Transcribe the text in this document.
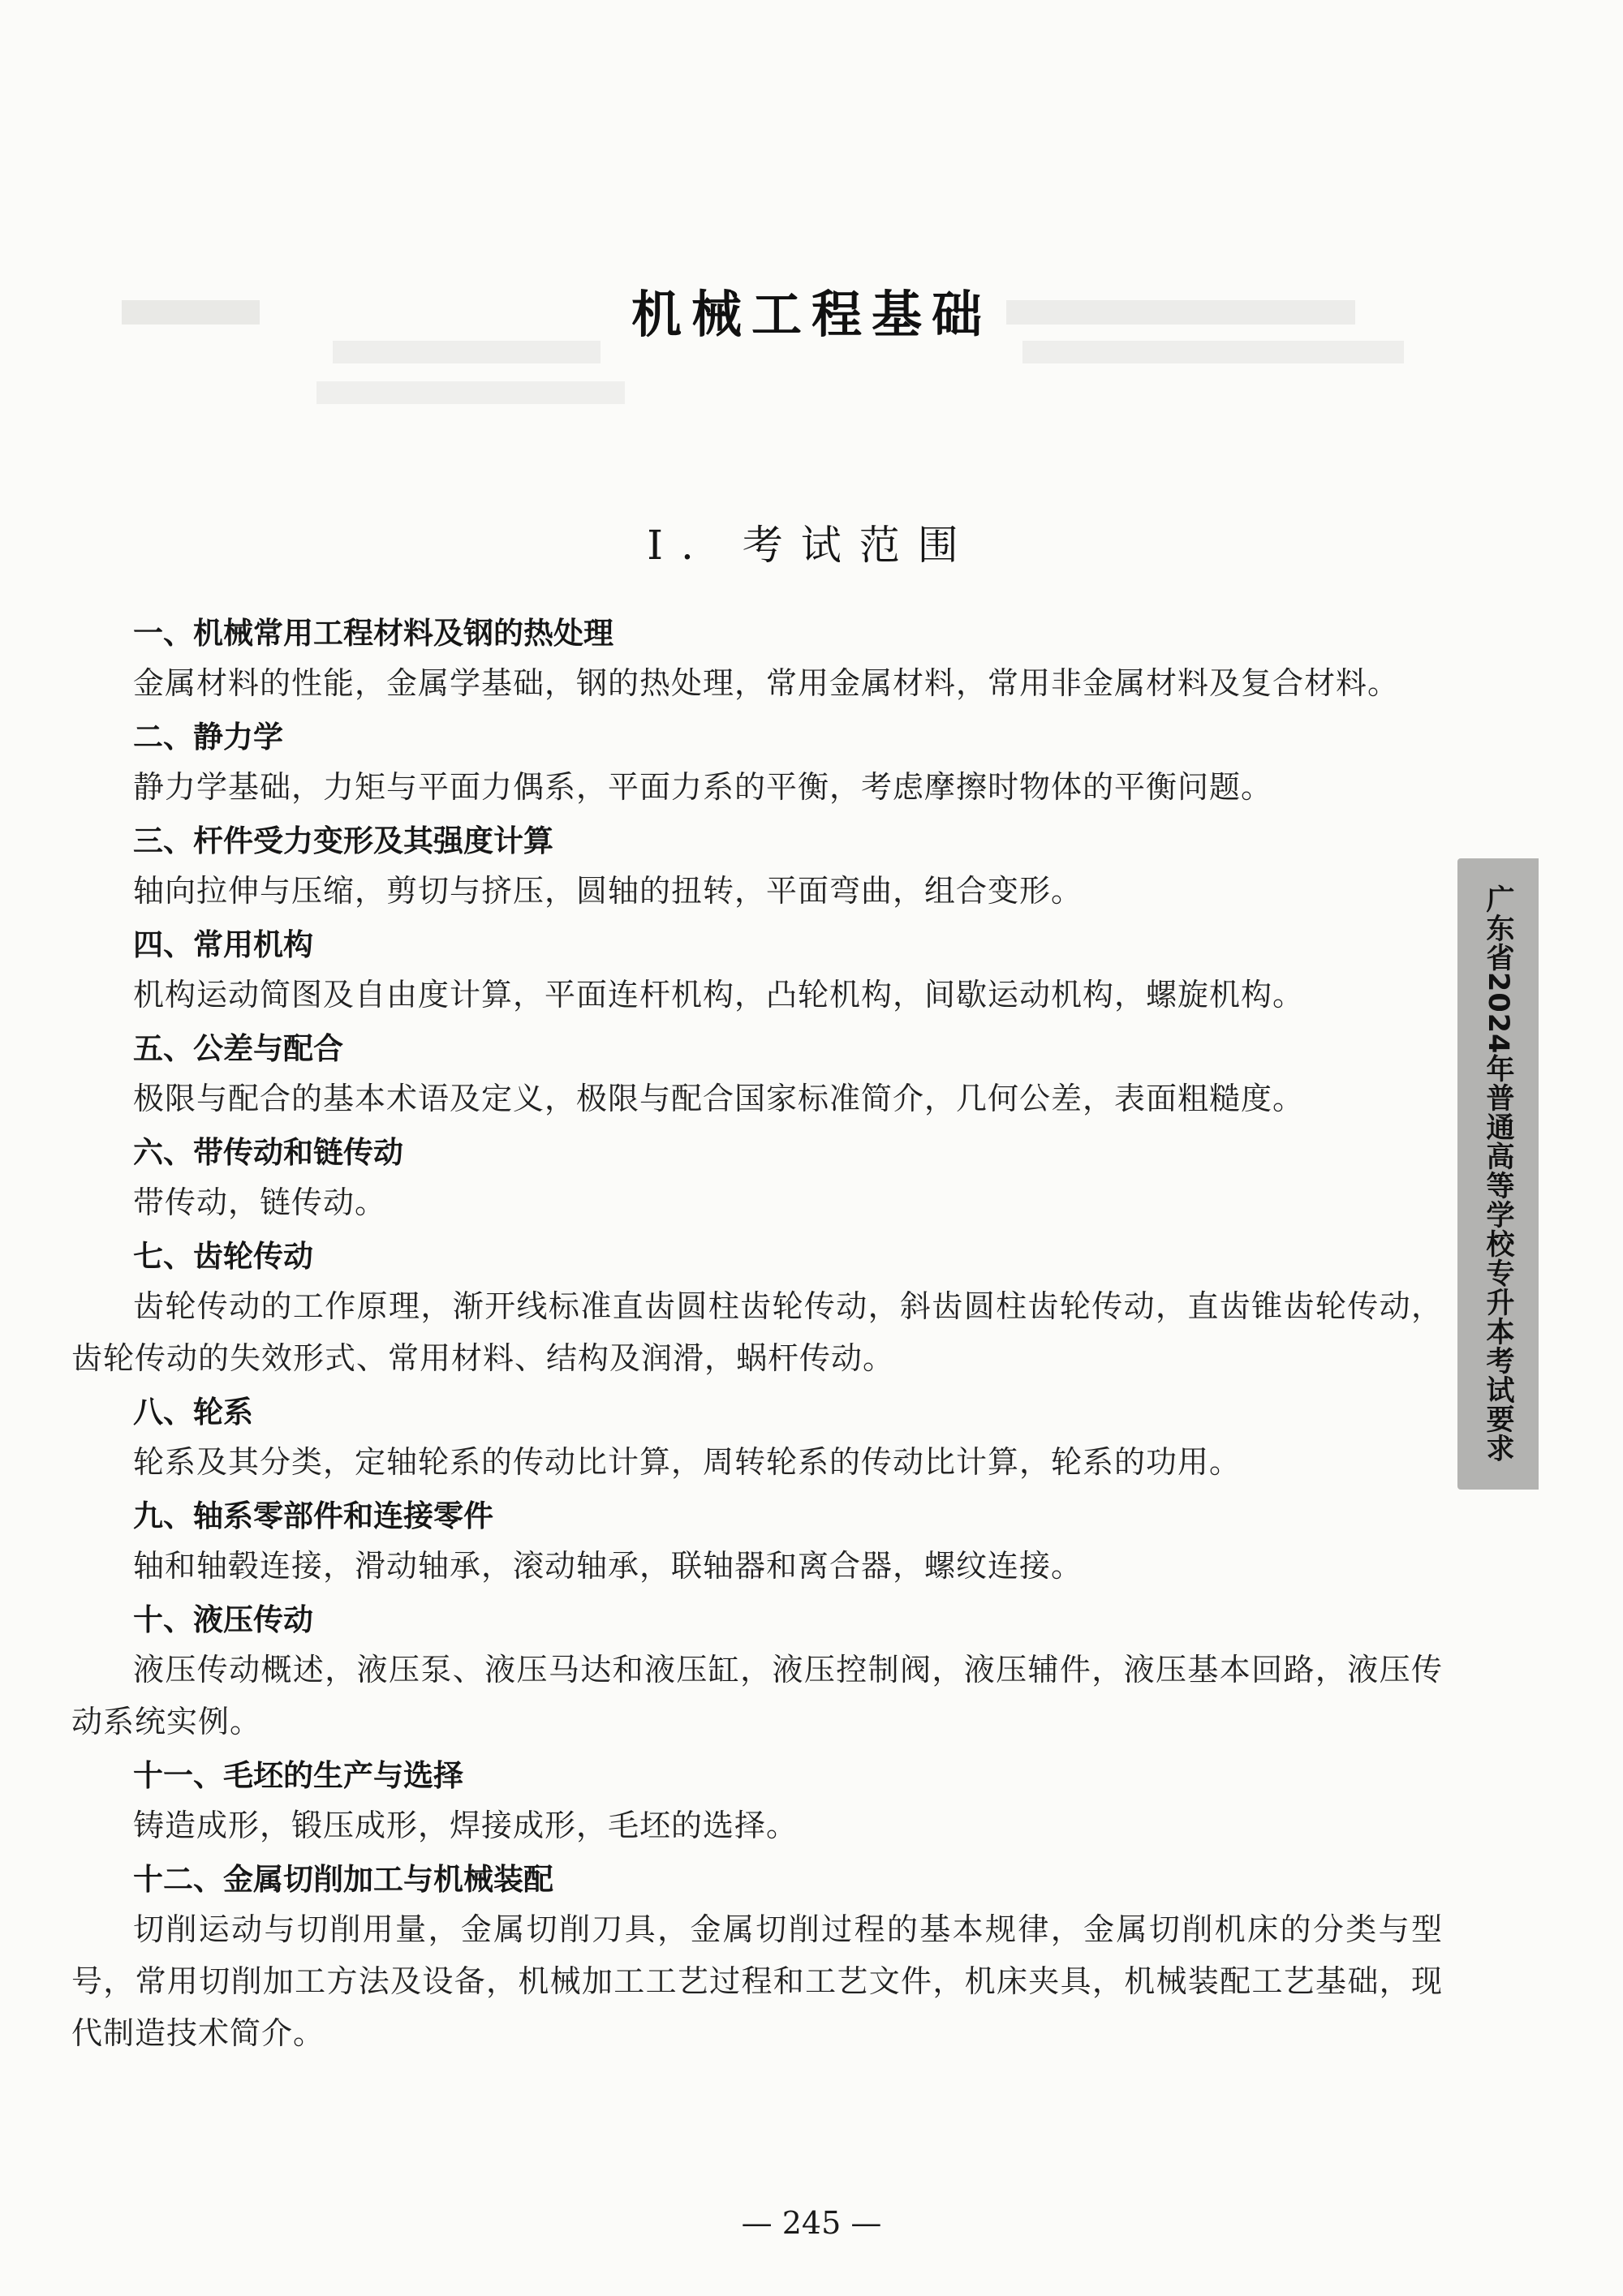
机械工程基础
Ⅰ. 考试范围
一、机械常用工程材料及钢的热处理

金属材料的性能，金属学基础，钢的热处理，常用金属材料，常用非金属材料及复合材料。

二、静力学

静力学基础，力矩与平面力偶系，平面力系的平衡，考虑摩擦时物体的平衡问题。

三、杆件受力变形及其强度计算

轴向拉伸与压缩，剪切与挤压，圆轴的扭转，平面弯曲，组合变形。

四、常用机构

机构运动简图及自由度计算，平面连杆机构，凸轮机构，间歇运动机构，螺旋机构。

五、公差与配合

极限与配合的基本术语及定义，极限与配合国家标准简介，几何公差，表面粗糙度。

六、带传动和链传动

带传动，链传动。

七、齿轮传动

齿轮传动的工作原理，渐开线标准直齿圆柱齿轮传动，斜齿圆柱齿轮传动，直齿锥齿轮传动，齿轮传动的失效形式、常用材料、结构及润滑，蜗杆传动。

八、轮系

轮系及其分类，定轴轮系的传动比计算，周转轮系的传动比计算，轮系的功用。

九、轴系零部件和连接零件

轴和轴毂连接，滑动轴承，滚动轴承，联轴器和离合器，螺纹连接。

十、液压传动

液压传动概述，液压泵、液压马达和液压缸，液压控制阀，液压辅件，液压基本回路，液压传动系统实例。

十一、毛坯的生产与选择

铸造成形，锻压成形，焊接成形，毛坯的选择。

十二、金属切削加工与机械装配

切削运动与切削用量，金属切削刀具，金属切削过程的基本规律，金属切削机床的分类与型号，常用切削加工方法及设备，机械加工工艺过程和工艺文件，机床夹具，机械装配工艺基础，现代制造技术简介。

广东省2024年普通高等学校专升本考试要求
— 245 —
